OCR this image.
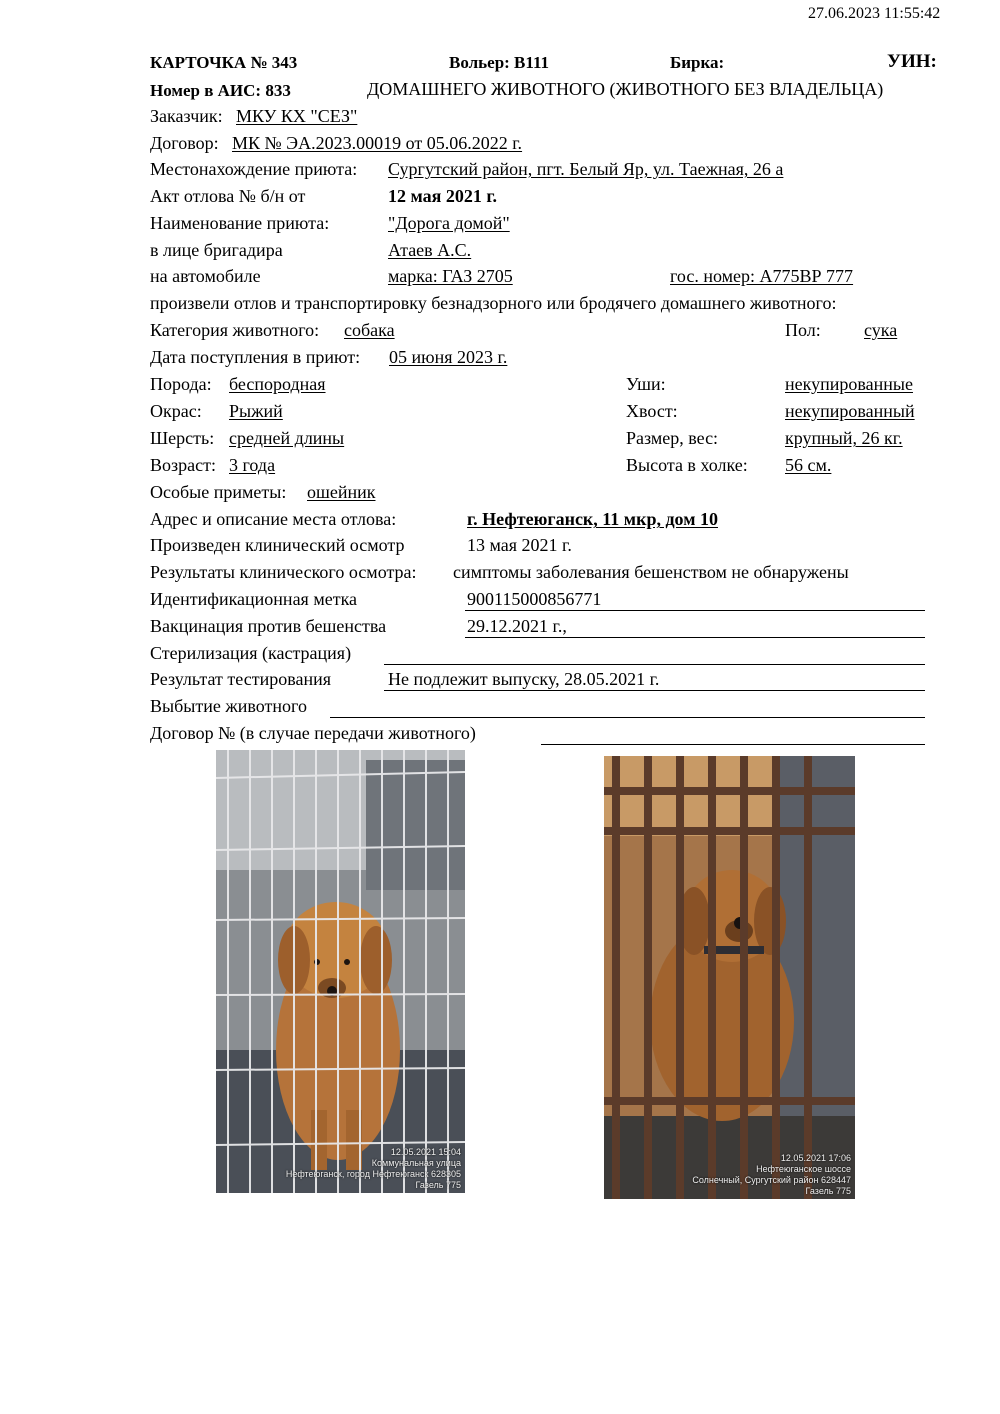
27.06.2023 11:55:42
КАРТОЧКА № 343	Вольер: В111	Бирка:	УИН:
Номер в АИС: 833	ДОМАШНЕГО ЖИВОТНОГО (ЖИВОТНОГО БЕЗ ВЛАДЕЛЬЦА)
Заказчик: МКУ КХ "СЕЗ"
Договор: МК № ЭА.2023.00019 от 05.06.2022 г.
Местонахождение приюта: Сургутский район, пгт. Белый Яр, ул. Таежная, 26 а
Акт отлова № б/н от	12 мая 2021 г.
Наименование приюта:	"Дорога домой"
в лице бригадира	Атаев А.С.
на автомобиле	марка: ГАЗ 2705	гос. номер: А775ВР 777
произвели отлов и транспортировку безнадзорного или бродячего домашнего животного:
Категория животного: собака	Пол: сука
Дата поступления в приют: 05 июня 2023 г.
Порода: беспородная	Уши:	некупированные
Окрас: Рыжий	Хвост:	некупированный
Шерсть: средней длины	Размер, вес:	крупный, 26 кг.
Возраст: 3 года	Высота в холке: 56 см.
Особые приметы: ошейник
Адрес и описание места отлова:	г. Нефтеюганск, 11 мкр, дом 10
Произведен клинический осмотр	13 мая 2021 г.
Результаты клинического осмотра: симптомы заболевания бешенством не обнаружены
Идентификационная метка	900115000856771
Вакцинация против бешенства	29.12.2021 г.,
Стерилизация (кастрация)
Результат тестирования	Не подлежит выпуску, 28.05.2021 г.
Выбытие животного
Договор № (в случае передачи животного)
12.05.2021 15:04
Коммунальная улица
Нефтеюганск, город Нефтеюганск 628305
Газель 775
12.05.2021 17:06
Нефтеюганское шоссе
Солнечный, Сургутский район 628447
Газель 775
